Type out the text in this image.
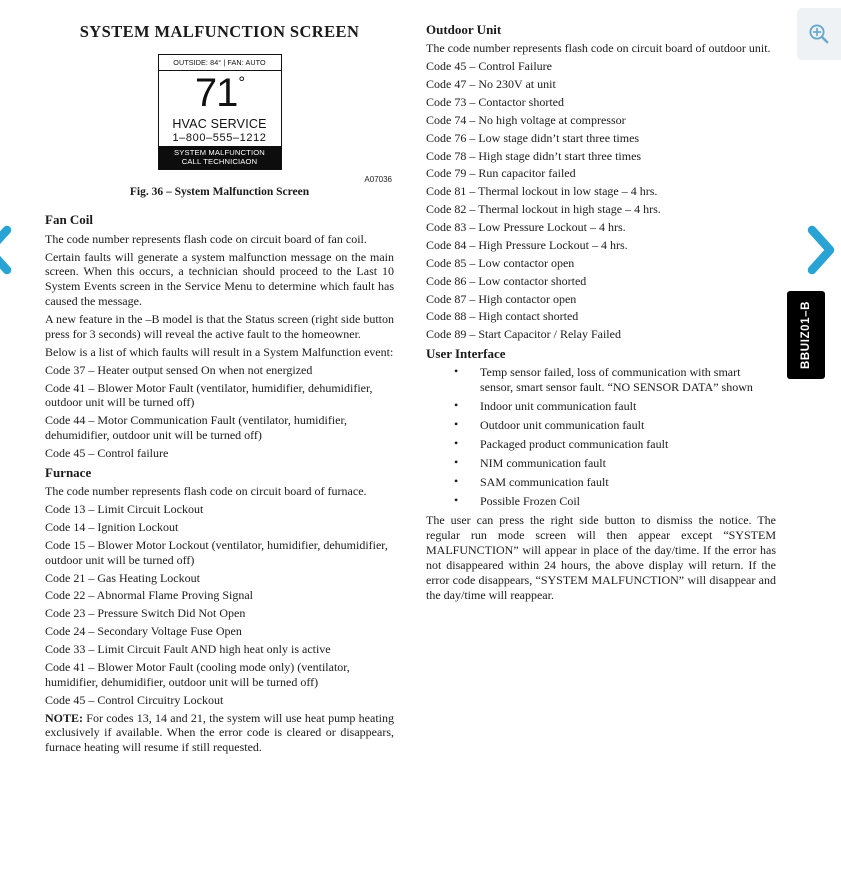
SYSTEM MALFUNCTION SCREEN
OUTSIDE: 84° | FAN: AUTO
71°
HVAC SERVICE
1–800–555–1212
SYSTEM MALFUNCTION
CALL TECHNICIAON
A07036
Fig. 36 – System Malfunction Screen
Fan Coil

The code number represents flash code on circuit board of fan coil.

Certain faults will generate a system malfunction message on the main screen. When this occurs, a technician should proceed to the Last 10 System Events screen in the Service Menu to determine which fault has caused the message.

A new feature in the –B model is that the Status screen (right side button press for 3 seconds) will reveal the active fault to the homeowner.

Below is a list of which faults will result in a System Malfunction event:

Code 37 – Heater output sensed On when not energized

Code 41 – Blower Motor Fault (ventilator, humidifier, dehumidifier, outdoor unit will be turned off)

Code 44 – Motor Communication Fault (ventilator, humidifier, dehumidifier, outdoor unit will be turned off)

Code 45 – Control failure

Furnace

The code number represents flash code on circuit board of furnace.

Code 13 – Limit Circuit Lockout

Code 14 – Ignition Lockout

Code 15 – Blower Motor Lockout (ventilator, humidifier, dehumidifier, outdoor unit will be turned off)

Code 21 – Gas Heating Lockout

Code 22 – Abnormal Flame Proving Signal

Code 23 – Pressure Switch Did Not Open

Code 24 – Secondary Voltage Fuse Open

Code 33 – Limit Circuit Fault AND high heat only is active

Code 41 – Blower Motor Fault (cooling mode only) (ventilator, humidifier, dehumidifier, outdoor unit will be turned off)

Code 45 – Control Circuitry Lockout

NOTE: For codes 13, 14 and 21, the system will use heat pump heating exclusively if available. When the error code is cleared or disappears, furnace heating will resume if still requested.

Outdoor Unit

The code number represents flash code on circuit board of outdoor unit.

Code 45 – Control Failure

Code 47 – No 230V at unit

Code 73 – Contactor shorted

Code 74 – No high voltage at compressor

Code 76 – Low stage didn’t start three times

Code 78 – High stage didn’t start three times

Code 79 – Run capacitor failed

Code 81 – Thermal lockout in low stage – 4 hrs.

Code 82 – Thermal lockout in high stage – 4 hrs.

Code 83 – Low Pressure Lockout – 4 hrs.

Code 84 – High Pressure Lockout – 4 hrs.

Code 85 – Low contactor open

Code 86 – Low contactor shorted

Code 87 – High contactor open

Code 88 – High contact shorted

Code 89 – Start Capacitor / Relay Failed

User Interface
• Temp sensor failed, loss of communication with smart sensor, smart sensor fault. “NO SENSOR DATA” shown
• Indoor unit communication fault
• Outdoor unit communication fault
• Packaged product communication fault
• NIM communication fault
• SAM communication fault
• Possible Frozen Coil

The user can press the right side button to dismiss the notice. The regular run mode screen will then appear except “SYSTEM MALFUNCTION” will appear in place of the day/time. If the error has not disappeared within 24 hours, the above display will return. If the error code disappears, “SYSTEM MALFUNCTION” will disappear and the day/time will reappear.

BBUIZ01–B
